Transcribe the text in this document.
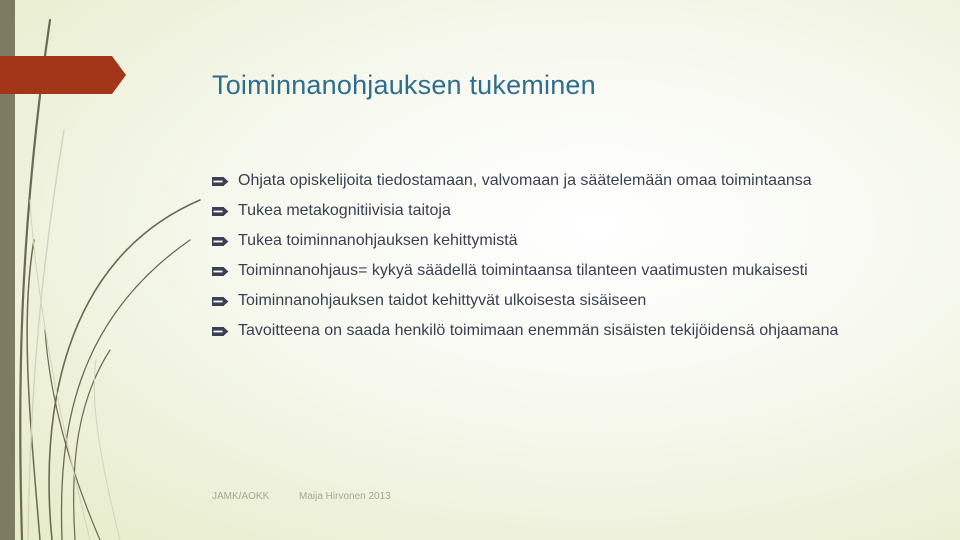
Toiminnanohjauksen tukeminen
Ohjata opiskelijoita tiedostamaan, valvomaan ja säätelemään omaa toimintaansa
Tukea metakognitiivisia taitoja
Tukea toiminnanohjauksen kehittymistä
Toiminnanohjaus= kykyä säädellä toimintaansa tilanteen vaatimusten mukaisesti
Toiminnanohjauksen taidot kehittyvät ulkoisesta sisäiseen
Tavoitteena on saada henkilö toimimaan enemmän sisäisten tekijöidensä ohjaamana
JAMK/AOKK	Maija Hirvonen 2013
